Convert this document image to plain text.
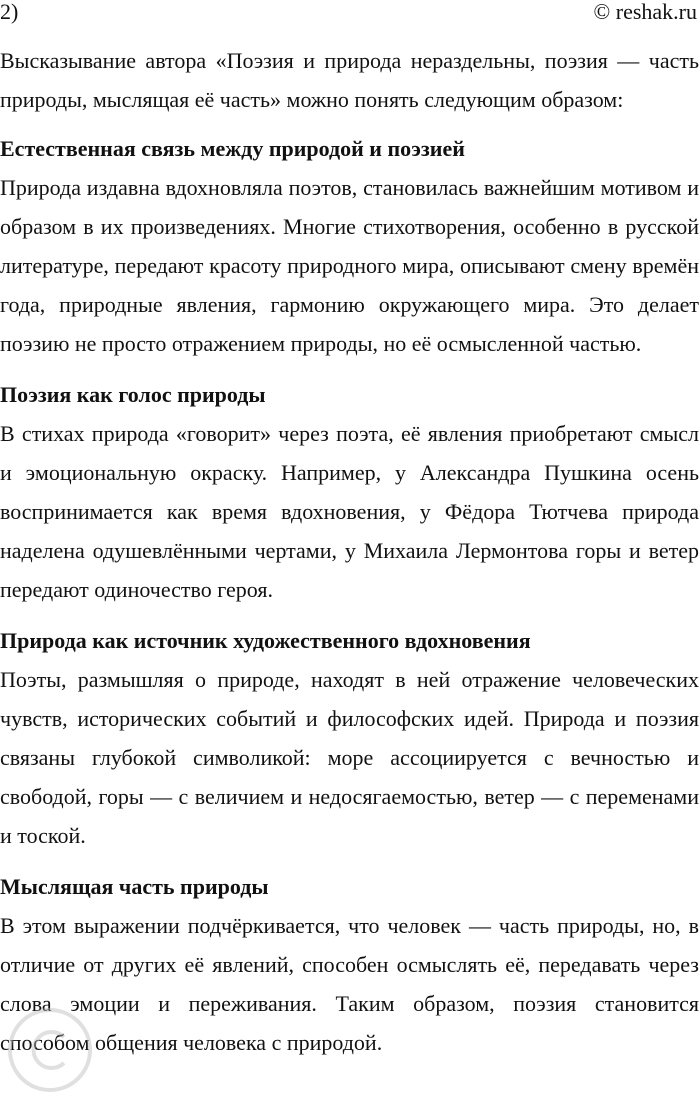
2)	© reshak.ru

Высказывание автора «Поэзия и природа нераздельны, поэзия — часть природы, мыслящая её часть» можно понять следующим образом:

Естественная связь между природой и поэзией

Природа издавна вдохновляла поэтов, становилась важнейшим мотивом и образом в их произведениях. Многие стихотворения, особенно в русской литературе, передают красоту природного мира, описывают смену времён года, природные явления, гармонию окружающего мира. Это делает поэзию не просто отражением природы, но её осмысленной частью.

Поэзия как голос природы

В стихах природа «говорит» через поэта, её явления приобретают смысл и эмоциональную окраску. Например, у Александра Пушкина осень воспринимается как время вдохновения, у Фёдора Тютчева природа наделена одушевлёнными чертами, у Михаила Лермонтова горы и ветер передают одиночество героя.

Природа как источник художественного вдохновения

Поэты, размышляя о природе, находят в ней отражение человеческих чувств, исторических событий и философских идей. Природа и поэзия связаны глубокой символикой: море ассоциируется с вечностью и свободой, горы — с величием и недосягаемостью, ветер — с переменами и тоской.

Мыслящая часть природы

В этом выражении подчёркивается, что человек — часть природы, но, в отличие от других её явлений, способен осмыслять её, передавать через слова эмоции и переживания. Таким образом, поэзия становится способом общения человека с природой.
